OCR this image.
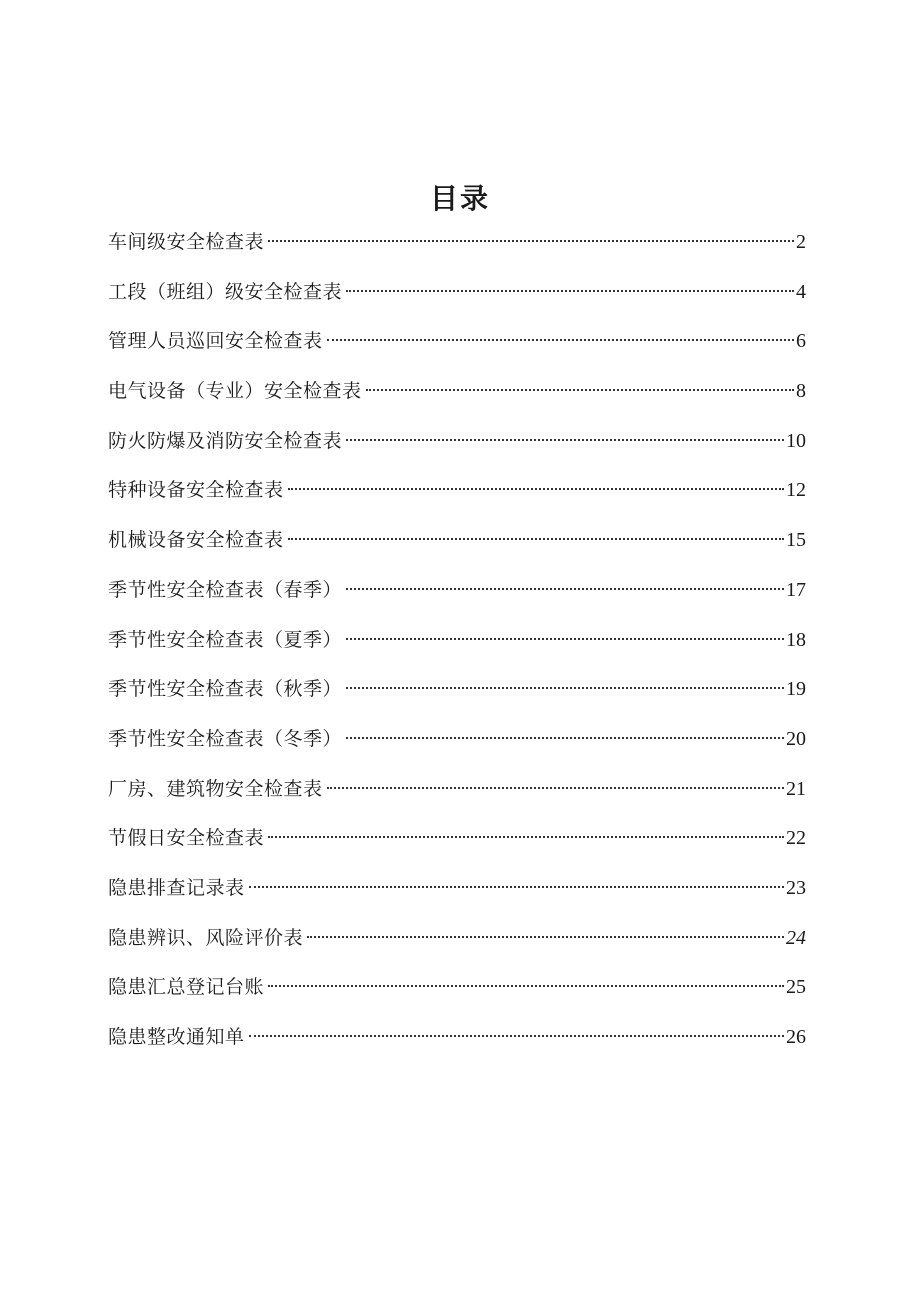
目录
车间级安全检查表	2
工段（班组）级安全检查表	4
管理人员巡回安全检查表	6
电气设备（专业）安全检查表	8
防火防爆及消防安全检查表	10
特种设备安全检查表	12
机械设备安全检查表	15
季节性安全检查表（春季）	17
季节性安全检查表（夏季）	18
季节性安全检查表（秋季）	19
季节性安全检查表（冬季）	20
厂房、建筑物安全检查表	21
节假日安全检查表	22
隐患排查记录表	23
隐患辨识、风险评价表	24
隐患汇总登记台账	25
隐患整改通知单	26
